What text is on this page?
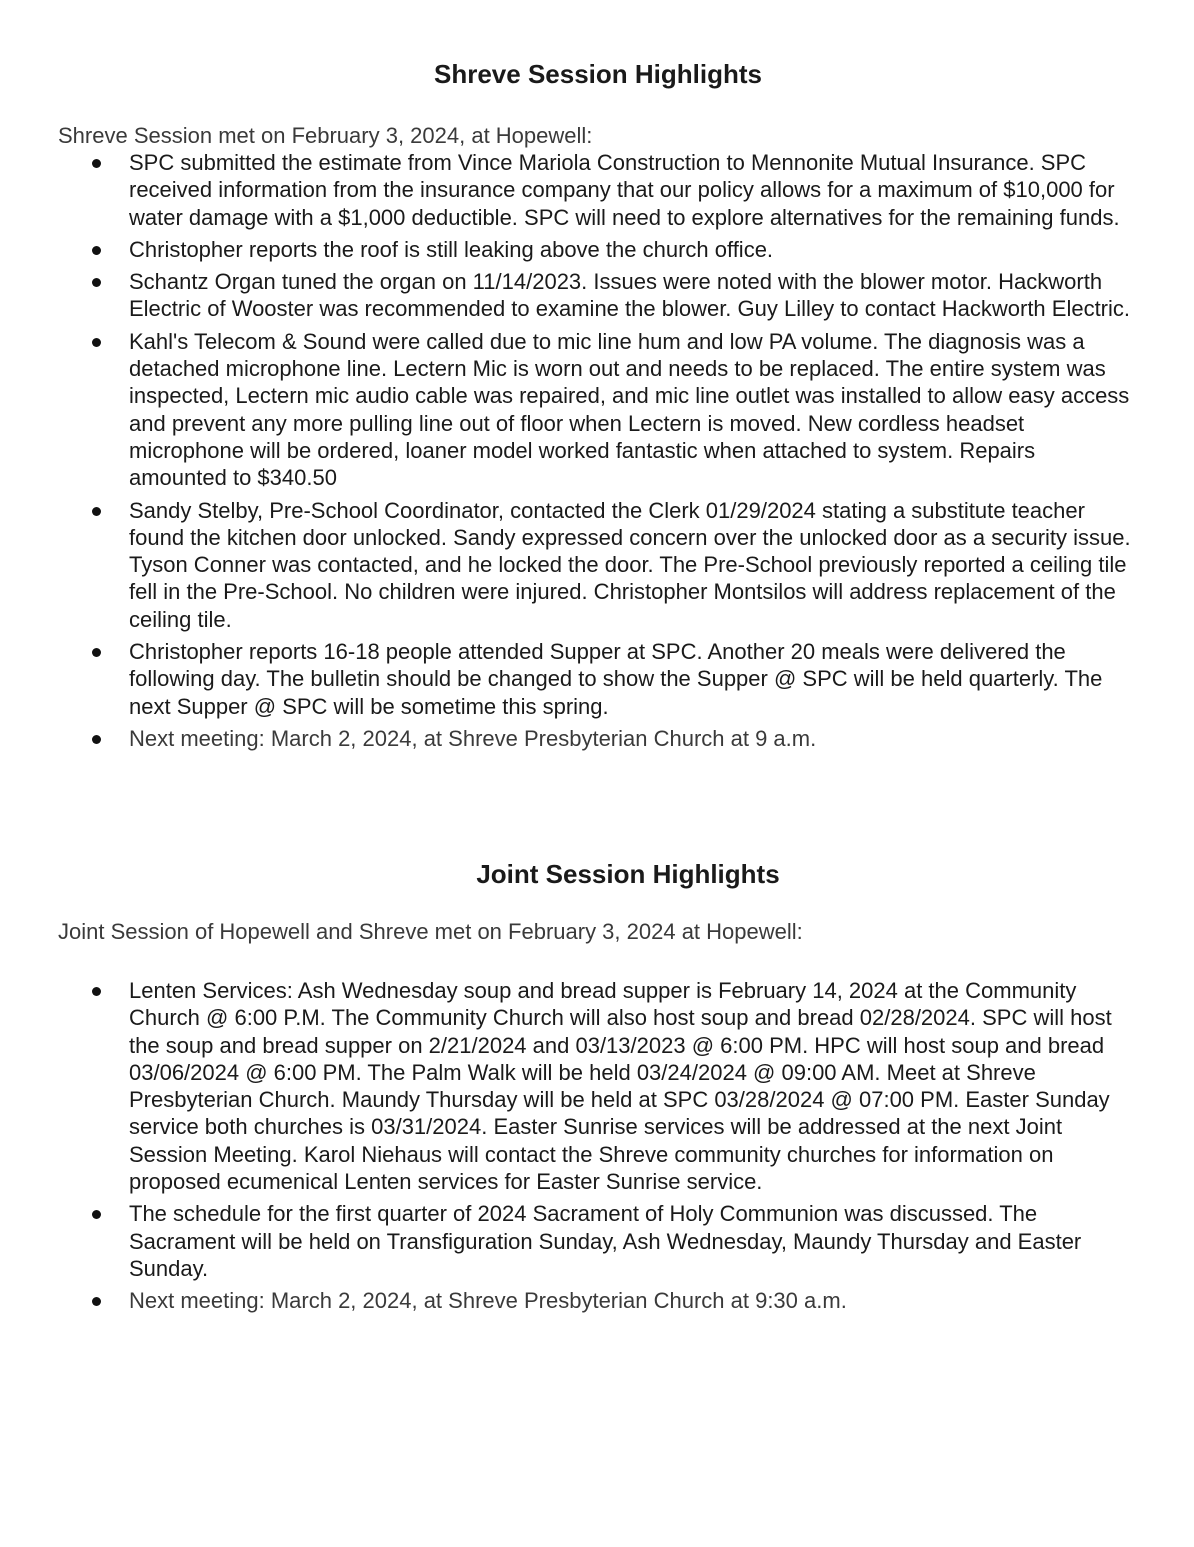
Shreve Session Highlights

Shreve Session met on February 3, 2024, at Hopewell:

SPC submitted the estimate from Vince Mariola Construction to Mennonite Mutual Insurance. SPC received information from the insurance company that our policy allows for a maximum of $10,000 for water damage with a $1,000 deductible. SPC will need to explore alternatives for the remaining funds.
Christopher reports the roof is still leaking above the church office.
Schantz Organ tuned the organ on 11/14/2023. Issues were noted with the blower motor. Hackworth Electric of Wooster was recommended to examine the blower. Guy Lilley to contact Hackworth Electric.
Kahl's Telecom & Sound were called due to mic line hum and low PA volume. The diagnosis was a detached microphone line. Lectern Mic is worn out and needs to be replaced. The entire system was inspected, Lectern mic audio cable was repaired, and mic line outlet was installed to allow easy access and prevent any more pulling line out of floor when Lectern is moved. New cordless headset microphone will be ordered, loaner model worked fantastic when attached to system. Repairs amounted to $340.50
Sandy Stelby, Pre-School Coordinator, contacted the Clerk 01/29/2024 stating a substitute teacher found the kitchen door unlocked. Sandy expressed concern over the unlocked door as a security issue. Tyson Conner was contacted, and he locked the door. The Pre-School previously reported a ceiling tile fell in the Pre-School. No children were injured. Christopher Montsilos will address replacement of the ceiling tile.
Christopher reports 16-18 people attended Supper at SPC. Another 20 meals were delivered the following day. The bulletin should be changed to show the Supper @ SPC will be held quarterly. The next Supper @ SPC will be sometime this spring.
Next meeting: March 2, 2024, at Shreve Presbyterian Church at 9 a.m.
Joint Session Highlights

Joint Session of Hopewell and Shreve met on February 3, 2024 at Hopewell:

Lenten Services: Ash Wednesday soup and bread supper is February 14, 2024 at the Community Church @ 6:00 P.M. The Community Church will also host soup and bread 02/28/2024. SPC will host the soup and bread supper on 2/21/2024 and 03/13/2023 @ 6:00 PM. HPC will host soup and bread 03/06/2024 @ 6:00 PM. The Palm Walk will be held 03/24/2024 @ 09:00 AM. Meet at Shreve Presbyterian Church. Maundy Thursday will be held at SPC 03/28/2024 @ 07:00 PM. Easter Sunday service both churches is 03/31/2024. Easter Sunrise services will be addressed at the next Joint Session Meeting. Karol Niehaus will contact the Shreve community churches for information on proposed ecumenical Lenten services for Easter Sunrise service.
The schedule for the first quarter of 2024 Sacrament of Holy Communion was discussed. The Sacrament will be held on Transfiguration Sunday, Ash Wednesday, Maundy Thursday and Easter Sunday.
Next meeting: March 2, 2024, at Shreve Presbyterian Church at 9:30 a.m.
